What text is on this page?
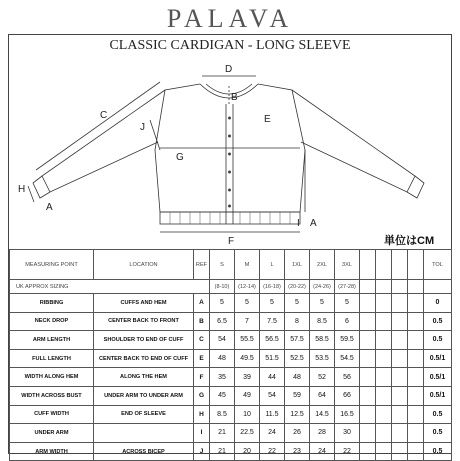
PALAVA
CLASSIC CARDIGAN - LONG SLEEVE
D
B
C
J
E
G
H
A
A
F
I
単位はCM
MEASURING POINT	LOCATION	REF	S	M	L	1XL	2XL	3XL					TOL
UK APPROX SIZING			(8-10)	(12-14)	(16-18)	(20-22)	(24-26)	(27-28)					
RIBBING	CUFFS AND HEM	A	5	5	5	5	5	5					0
NECK DROP	CENTER BACK TO FRONT	B	6.5	7	7.5	8	8.5	6					0.5
ARM LENGTH	SHOULDER TO END OF CUFF	C	54	55.5	56.5	57.5	58.5	59.5					0.5
FULL LENGTH	CENTER BACK TO END OF CUFF	E	48	49.5	51.5	52.5	53.5	54.5					0.5/1
WIDTH ALONG HEM	ALONG THE HEM	F	35	39	44	48	52	56					0.5/1
WIDTH ACROSS BUST	UNDER ARM TO UNDER ARM	G	45	49	54	59	64	66					0.5/1
CUFF WIDTH	END OF SLEEVE	H	8.5	10	11.5	12.5	14.5	16.5					0.5
UNDER ARM		I	21	22.5	24	26	28	30					0.5
ARM WIDTH	ACROSS BICEP	J	21	20	22	23	24	22					0.5
